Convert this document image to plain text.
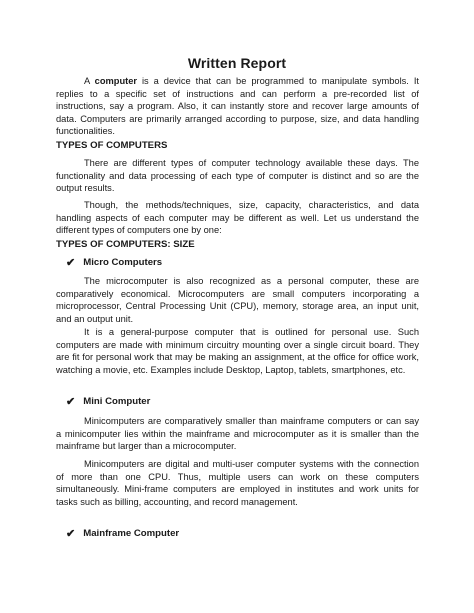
Written Report

A computer is a device that can be programmed to manipulate symbols. It replies to a specific set of instructions and can perform a pre-recorded list of instructions, say a program. Also, it can instantly store and recover large amounts of data. Computers are primarily arranged according to purpose, size, and data handling functionalities.

TYPES OF COMPUTERS

There are different types of computer technology available these days. The functionality and data processing of each type of computer is distinct and so are the output results.

Though, the methods/techniques, size, capacity, characteristics, and data handling aspects of each computer may be different as well. Let us understand the different types of computers one by one:

TYPES OF COMPUTERS: SIZE
✔ Micro Computers

The microcomputer is also recognized as a personal computer, these are comparatively economical. Microcomputers are small computers incorporating a microprocessor, Central Processing Unit (CPU), memory, storage area, an input unit, and an output unit.

It is a general-purpose computer that is outlined for personal use. Such computers are made with minimum circuitry mounting over a single circuit board. They are fit for personal work that may be making an assignment, at the office for office work, watching a movie, etc. Examples include Desktop, Laptop, tablets, smartphones, etc.

✔ Mini Computer

Minicomputers are comparatively smaller than mainframe computers or can say a minicomputer lies within the mainframe and microcomputer as it is smaller than the mainframe but larger than a microcomputer.

Minicomputers are digital and multi-user computer systems with the connection of more than one CPU. Thus, multiple users can work on these computers simultaneously. Mini-frame computers are employed in institutes and work units for tasks such as billing, accounting, and record management.

✔ Mainframe Computer
